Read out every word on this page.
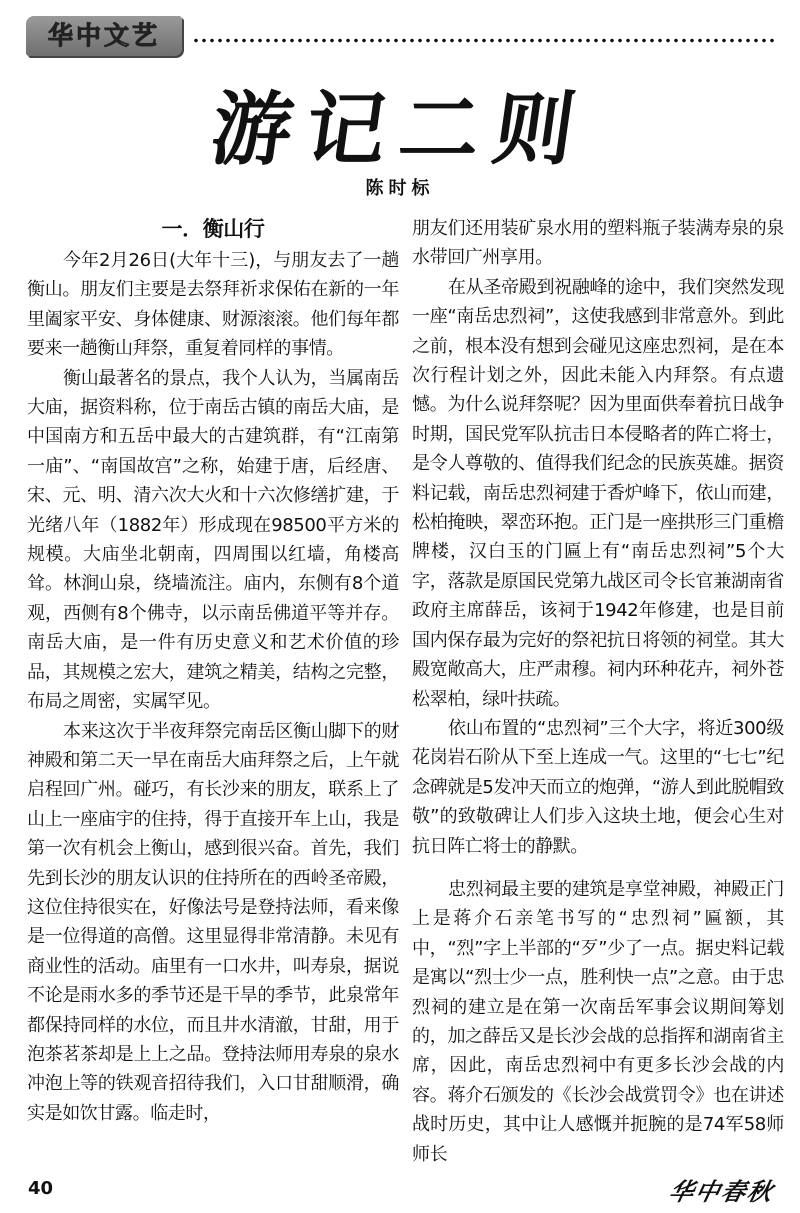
华中文艺
游记二则
陈时标
一．衡山行

今年2月26日(大年十三)，与朋友去了一趟衡山。朋友们主要是去祭拜祈求保佑在新的一年里阖家平安、身体健康、财源滚滚。他们每年都要来一趟衡山拜祭，重复着同样的事情。

衡山最著名的景点，我个人认为，当属南岳大庙，据资料称，位于南岳古镇的南岳大庙，是中国南方和五岳中最大的古建筑群，有“江南第一庙”、“南国故宫”之称，始建于唐，后经唐、宋、元、明、清六次大火和十六次修缮扩建，于光绪八年（1882年）形成现在98500平方米的规模。大庙坐北朝南，四周围以红墙，角楼高耸。林涧山泉，绕墙流注。庙内，东侧有8个道观，西侧有8个佛寺，以示南岳佛道平等并存。南岳大庙，是一件有历史意义和艺术价值的珍品，其规模之宏大，建筑之精美，结构之完整，布局之周密，实属罕见。

本来这次于半夜拜祭完南岳区衡山脚下的财神殿和第二天一早在南岳大庙拜祭之后，上午就启程回广州。碰巧，有长沙来的朋友，联系上了山上一座庙宇的住持，得于直接开车上山，我是第一次有机会上衡山，感到很兴奋。首先，我们先到长沙的朋友认识的住持所在的西岭圣帝殿，这位住持很实在，好像法号是登持法师，看来像是一位得道的高僧。这里显得非常清静。未见有商业性的活动。庙里有一口水井，叫寿泉，据说不论是雨水多的季节还是干旱的季节，此泉常年都保持同样的水位，而且井水清澈，甘甜，用于泡茶茗茶却是上上之品。登持法师用寿泉的泉水冲泡上等的铁观音招待我们，入口甘甜顺滑，确实是如饮甘露。临走时，

朋友们还用装矿泉水用的塑料瓶子装满寿泉的泉水带回广州享用。

在从圣帝殿到祝融峰的途中，我们突然发现一座“南岳忠烈祠”，这使我感到非常意外。到此之前，根本没有想到会碰见这座忠烈祠，是在本次行程计划之外，因此未能入内拜祭。有点遗憾。为什么说拜祭呢？因为里面供奉着抗日战争时期，国民党军队抗击日本侵略者的阵亡将士，是令人尊敬的、值得我们纪念的民族英雄。据资料记载，南岳忠烈祠建于香炉峰下，依山而建，松柏掩映，翠峦环抱。正门是一座拱形三门重檐牌楼，汉白玉的门匾上有“南岳忠烈祠”5个大字，落款是原国民党第九战区司令长官兼湖南省政府主席薛岳，该祠于1942年修建，也是目前国内保存最为完好的祭祀抗日将领的祠堂。其大殿宽敞高大，庄严肃穆。祠内环种花卉，祠外苍松翠柏，绿叶扶疏。

依山布置的“忠烈祠”三个大字，将近300级花岗岩石阶从下至上连成一气。这里的“七七”纪念碑就是5发冲天而立的炮弹，“游人到此脱帽致敬”的致敬碑让人们步入这块土地，便会心生对抗日阵亡将士的静默。

忠烈祠最主要的建筑是享堂神殿，神殿正门上是蒋介石亲笔书写的“忠烈祠”匾额，其中，“烈”字上半部的“歹”少了一点。据史料记载是寓以“烈士少一点，胜利快一点”之意。由于忠烈祠的建立是在第一次南岳军事会议期间筹划的，加之薛岳又是长沙会战的总指挥和湖南省主席，因此，南岳忠烈祠中有更多长沙会战的内容。蒋介石颁发的《长沙会战赏罚令》也在讲述战时历史，其中让人感慨并扼腕的是74军58师师长

40	华中春秋
